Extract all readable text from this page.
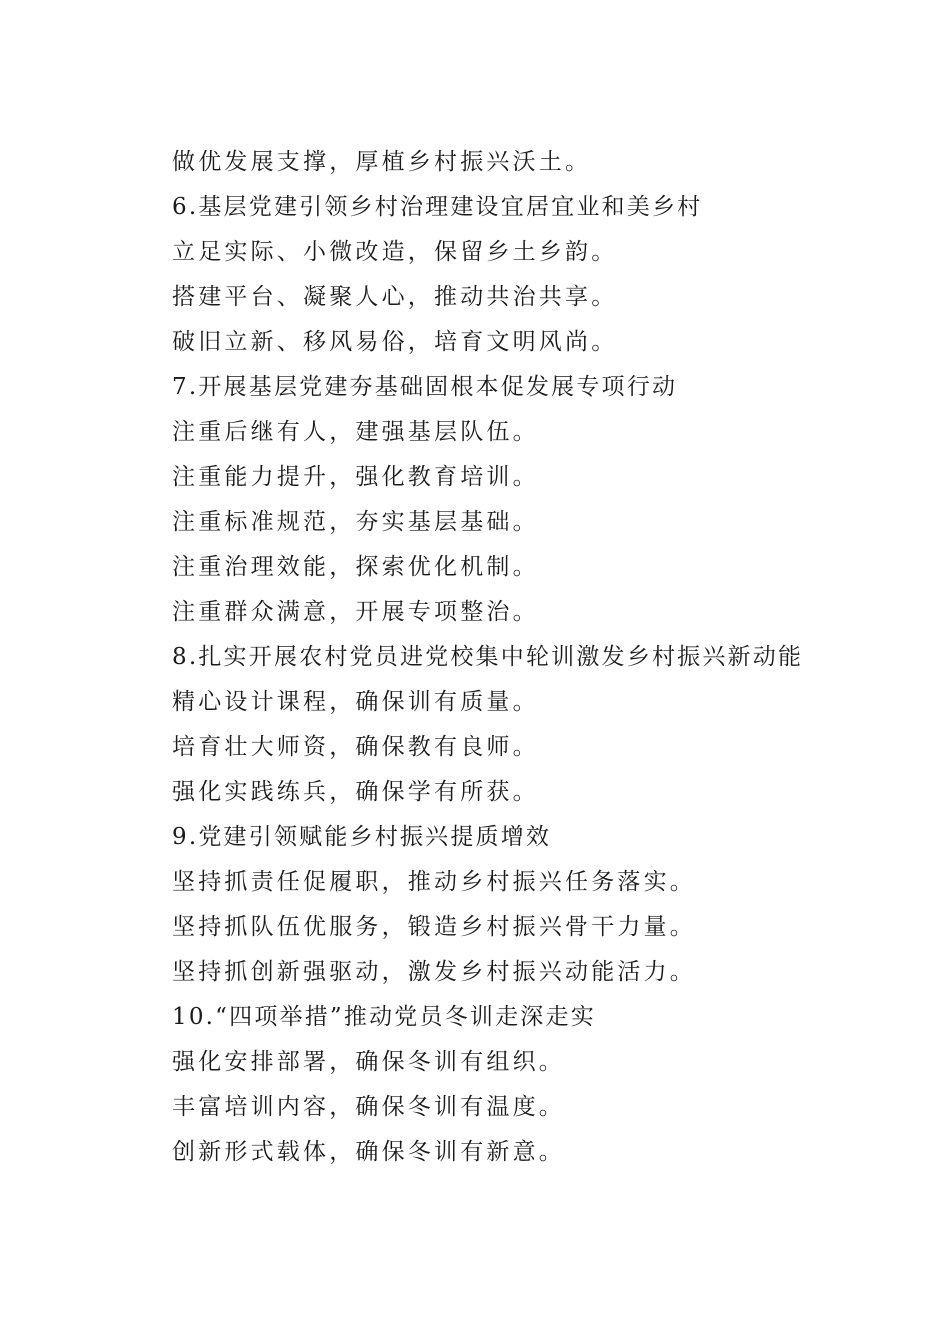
做优发展支撑，厚植乡村振兴沃土。

6.基层党建引领乡村治理建设宜居宜业和美乡村

立足实际、小微改造，保留乡土乡韵。

搭建平台、凝聚人心，推动共治共享。

破旧立新、移风易俗，培育文明风尚。

7.开展基层党建夯基础固根本促发展专项行动

注重后继有人，建强基层队伍。

注重能力提升，强化教育培训。

注重标准规范，夯实基层基础。

注重治理效能，探索优化机制。

注重群众满意，开展专项整治。

8.扎实开展农村党员进党校集中轮训激发乡村振兴新动能

精心设计课程，确保训有质量。

培育壮大师资，确保教有良师。

强化实践练兵，确保学有所获。

9.党建引领赋能乡村振兴提质增效

坚持抓责任促履职，推动乡村振兴任务落实。

坚持抓队伍优服务，锻造乡村振兴骨干力量。

坚持抓创新强驱动，激发乡村振兴动能活力。

10.“四项举措”推动党员冬训走深走实

强化安排部署，确保冬训有组织。

丰富培训内容，确保冬训有温度。

创新形式载体，确保冬训有新意。
